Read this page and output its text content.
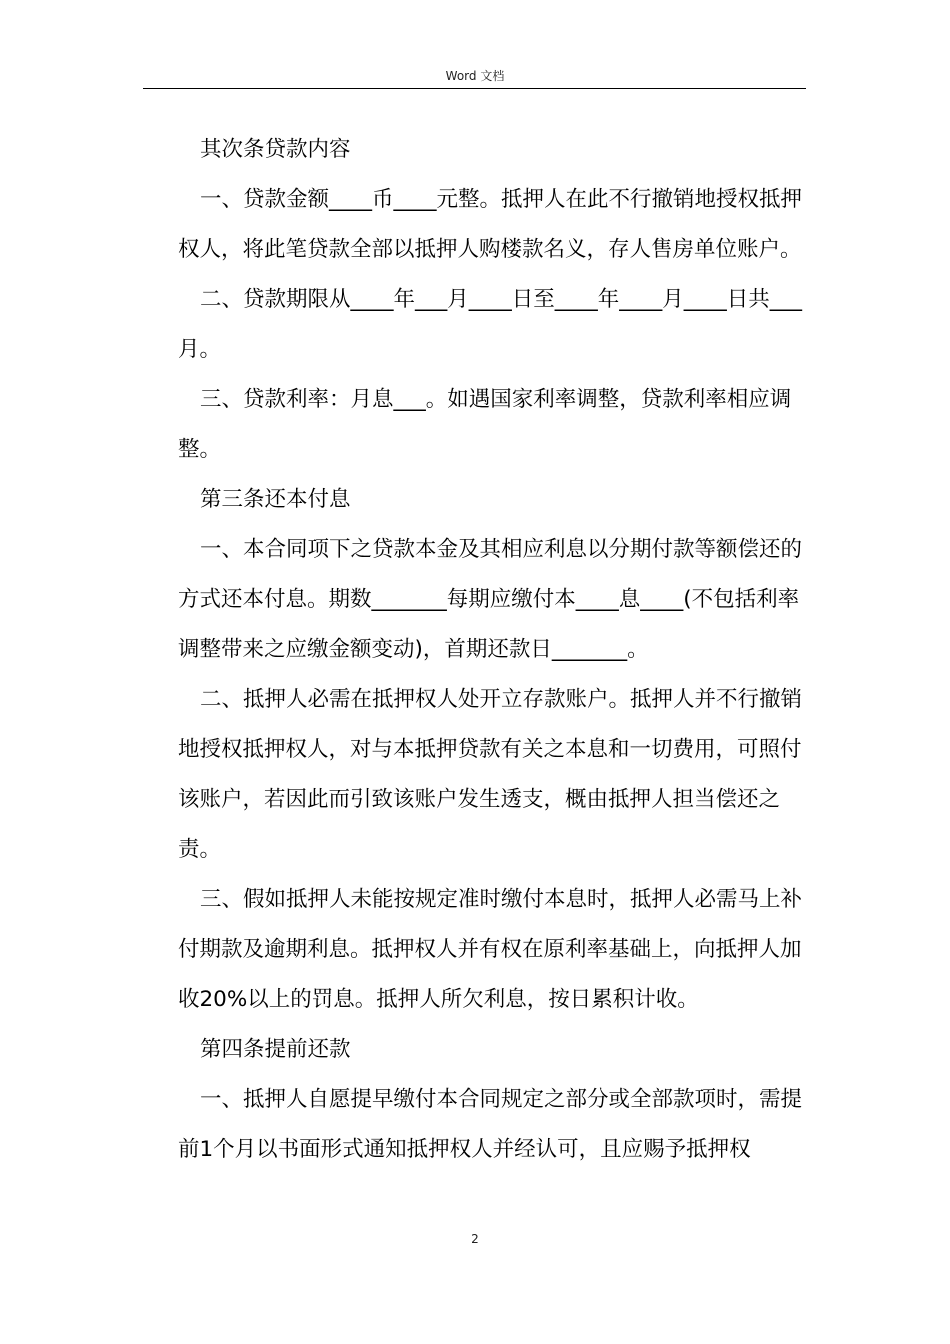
Word 文档

其次条贷款内容

一、贷款金额____币____元整。抵押人在此不行撤销地授权抵押权人，将此笔贷款全部以抵押人购楼款名义，存人售房单位账户。

二、贷款期限从____年___月____日至____年____月____日共___月。

三、贷款利率：月息___。如遇国家利率调整，贷款利率相应调整。

第三条还本付息

一、本合同项下之贷款本金及其相应利息以分期付款等额偿还的方式还本付息。期数_______每期应缴付本____息____(不包括利率调整带来之应缴金额变动)，首期还款日_______。

二、抵押人必需在抵押权人处开立存款账户。抵押人并不行撤销地授权抵押权人，对与本抵押贷款有关之本息和一切费用，可照付该账户，若因此而引致该账户发生透支，概由抵押人担当偿还之责。

三、假如抵押人未能按规定准时缴付本息时，抵押人必需马上补付期款及逾期利息。抵押权人并有权在原利率基础上，向抵押人加收20%以上的罚息。抵押人所欠利息，按日累积计收。

第四条提前还款

一、抵押人自愿提早缴付本合同规定之部分或全部款项时，需提前1个月以书面形式通知抵押权人并经认可，且应赐予抵押权

2
